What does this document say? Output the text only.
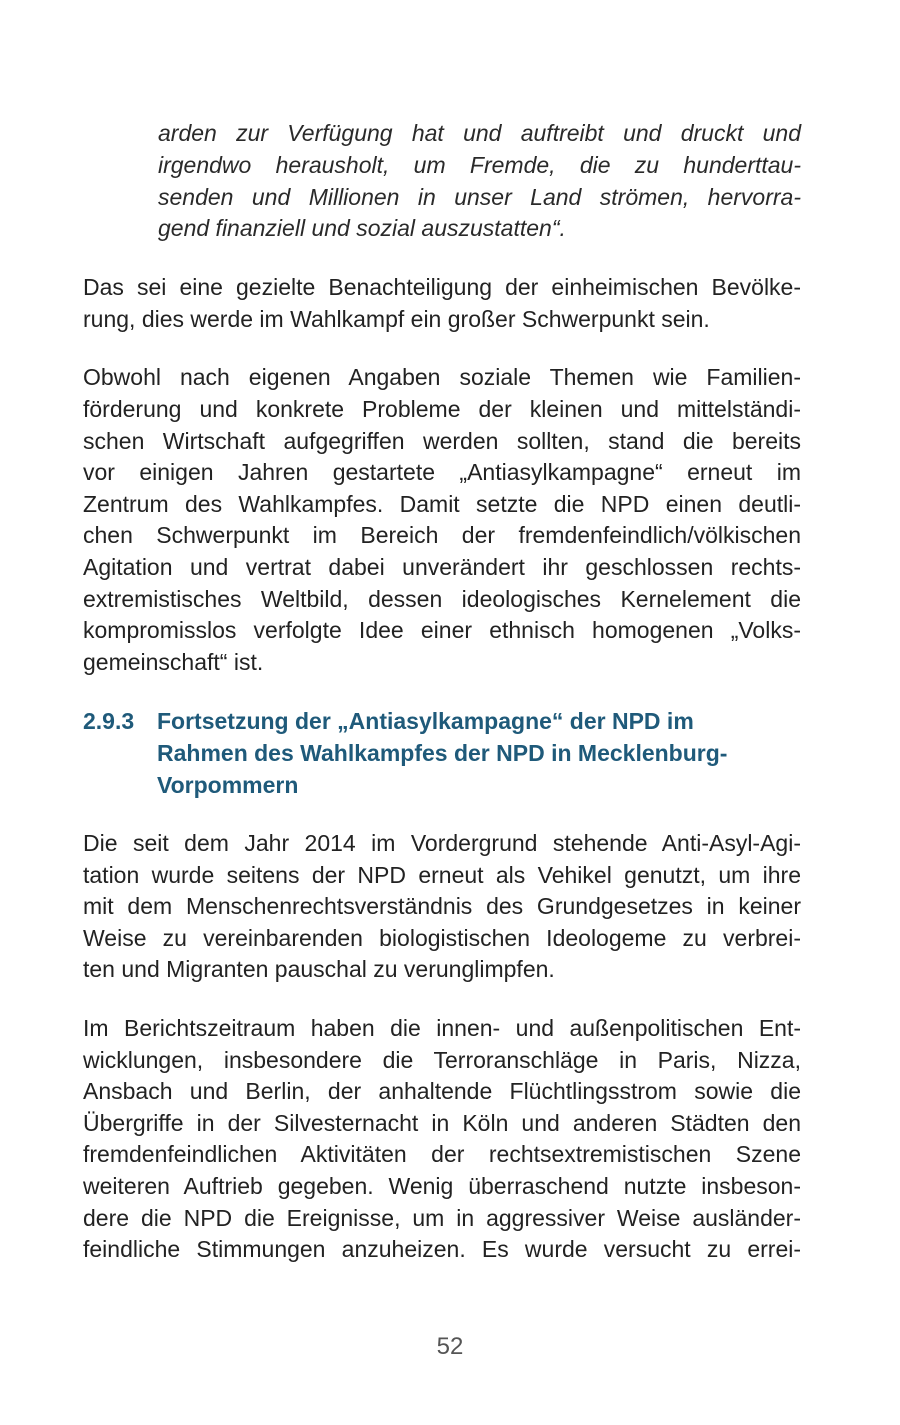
arden zur Verfügung hat und auftreibt und druckt und
irgendwo herausholt, um Fremde, die zu hunderttau-
senden und Millionen in unser Land strömen, hervorra-
gend finanziell und sozial auszustatten“.
Das sei eine gezielte Benachteiligung der einheimischen Bevölke-
rung, dies werde im Wahlkampf ein großer Schwerpunkt sein.
Obwohl nach eigenen Angaben soziale Themen wie Familien-
förderung und konkrete Probleme der kleinen und mittelständi-
schen Wirtschaft aufgegriffen werden sollten, stand die bereits
vor einigen Jahren gestartete „Antiasylkampagne“ erneut im
Zentrum des Wahlkampfes. Damit setzte die NPD einen deutli-
chen Schwerpunkt im Bereich der fremdenfeindlich/völkischen
Agitation und vertrat dabei unverändert ihr geschlossen rechts-
extremistisches Weltbild, dessen ideologisches Kernelement die
kompromisslos verfolgte Idee einer ethnisch homogenen „Volks-
gemeinschaft“ ist.
2.9.3 Fortsetzung der „Antiasylkampagne“ der NPD im
Rahmen des Wahlkampfes der NPD in Mecklenburg-
Vorpommern
Die seit dem Jahr 2014 im Vordergrund stehende Anti-Asyl-Agi-
tation wurde seitens der NPD erneut als Vehikel genutzt, um ihre
mit dem Menschenrechtsverständnis des Grundgesetzes in keiner
Weise zu vereinbarenden biologistischen Ideologeme zu verbrei-
ten und Migranten pauschal zu verunglimpfen.
Im Berichtszeitraum haben die innen- und außenpolitischen Ent-
wicklungen, insbesondere die Terroranschläge in Paris, Nizza,
Ansbach und Berlin, der anhaltende Flüchtlingsstrom sowie die
Übergriffe in der Silvesternacht in Köln und anderen Städten den
fremdenfeindlichen Aktivitäten der rechtsextremistischen Szene
weiteren Auftrieb gegeben. Wenig überraschend nutzte insbeson-
dere die NPD die Ereignisse, um in aggressiver Weise ausländer-
feindliche Stimmungen anzuheizen. Es wurde versucht zu errei-
52
